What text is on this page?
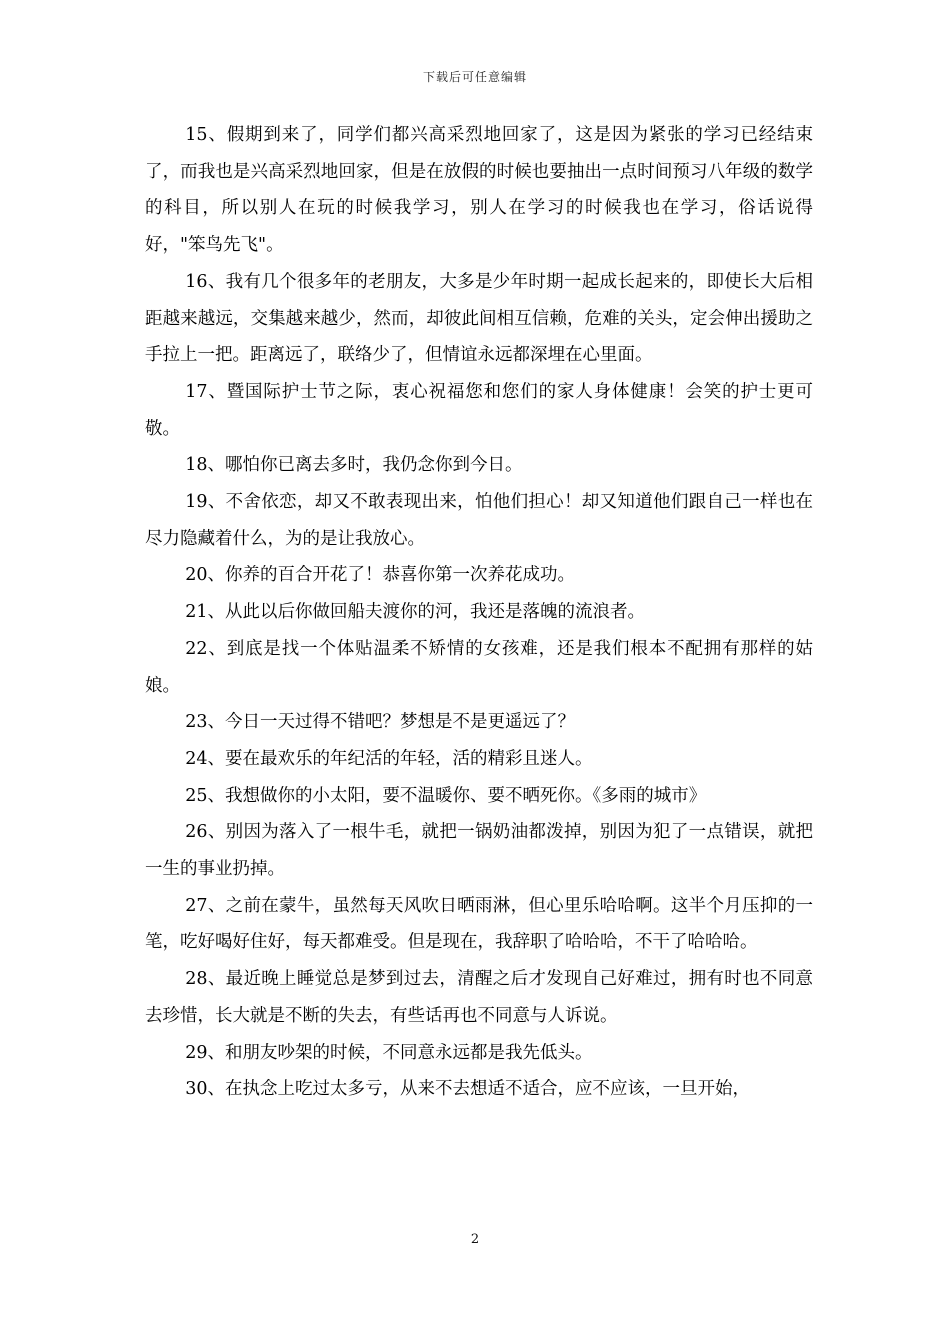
下载后可任意编辑

15、假期到来了，同学们都兴高采烈地回家了，这是因为紧张的学习已经结束了，而我也是兴高采烈地回家，但是在放假的时候也要抽出一点时间预习八年级的数学的科目，所以别人在玩的时候我学习，别人在学习的时候我也在学习，俗话说得好，"笨鸟先飞"。

16、我有几个很多年的老朋友，大多是少年时期一起成长起来的，即使长大后相距越来越远，交集越来越少，然而，却彼此间相互信赖，危难的关头，定会伸出援助之手拉上一把。距离远了，联络少了，但情谊永远都深埋在心里面。

17、暨国际护士节之际，衷心祝福您和您们的家人身体健康！会笑的护士更可敬。

18、哪怕你已离去多时，我仍念你到今日。

19、不舍依恋，却又不敢表现出来，怕他们担心！却又知道他们跟自己一样也在尽力隐藏着什么，为的是让我放心。

20、你养的百合开花了！恭喜你第一次养花成功。

21、从此以后你做回船夫渡你的河，我还是落魄的流浪者。

22、到底是找一个体贴温柔不矫情的女孩难，还是我们根本不配拥有那样的姑娘。

23、今日一天过得不错吧？梦想是不是更遥远了？

24、要在最欢乐的年纪活的年轻，活的精彩且迷人。

25、我想做你的小太阳，要不温暖你、要不晒死你。《多雨的城市》

26、别因为落入了一根牛毛，就把一锅奶油都泼掉，别因为犯了一点错误，就把一生的事业扔掉。

27、之前在蒙牛，虽然每天风吹日晒雨淋，但心里乐哈哈啊。这半个月压抑的一笔，吃好喝好住好，每天都难受。但是现在，我辞职了哈哈哈，不干了哈哈哈。

28、最近晚上睡觉总是梦到过去，清醒之后才发现自己好难过，拥有时也不同意去珍惜，长大就是不断的失去，有些话再也不同意与人诉说。

29、和朋友吵架的时候，不同意永远都是我先低头。

30、在执念上吃过太多亏，从来不去想适不适合，应不应该，一旦开始，

2
